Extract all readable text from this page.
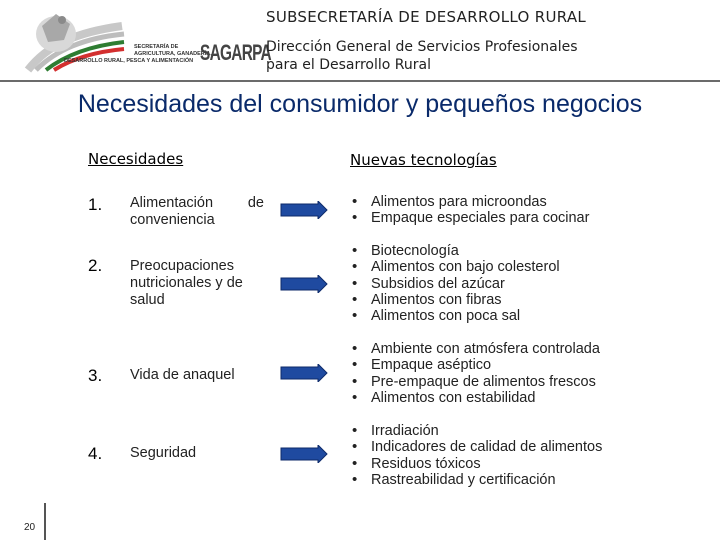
SECRETARÍA DE
AGRICULTURA, GANADERÍA,
DESARROLLO RURAL, PESCA Y ALIMENTACIÓN SAGARPA
SUBSECRETARÍA DE DESARROLLO RURAL
Dirección General de Servicios Profesionales
para el Desarrollo Rural
Necesidades del consumidor y pequeños negocios
Necesidades	Nuevas tecnologías
1. Alimentación de conveniencia
• Alimentos para microondas
• Empaque especiales para cocinar
2. Preocupaciones nutricionales y de salud
• Biotecnología
• Alimentos con bajo colesterol
• Subsidios del azúcar
• Alimentos con fibras
• Alimentos con poca sal
3. Vida de anaquel
• Ambiente con atmósfera controlada
• Empaque aséptico
• Pre-empaque de alimentos frescos
• Alimentos con estabilidad
4. Seguridad
• Irradiación
• Indicadores de calidad de alimentos
• Residuos tóxicos
• Rastreabilidad y certificación
20
